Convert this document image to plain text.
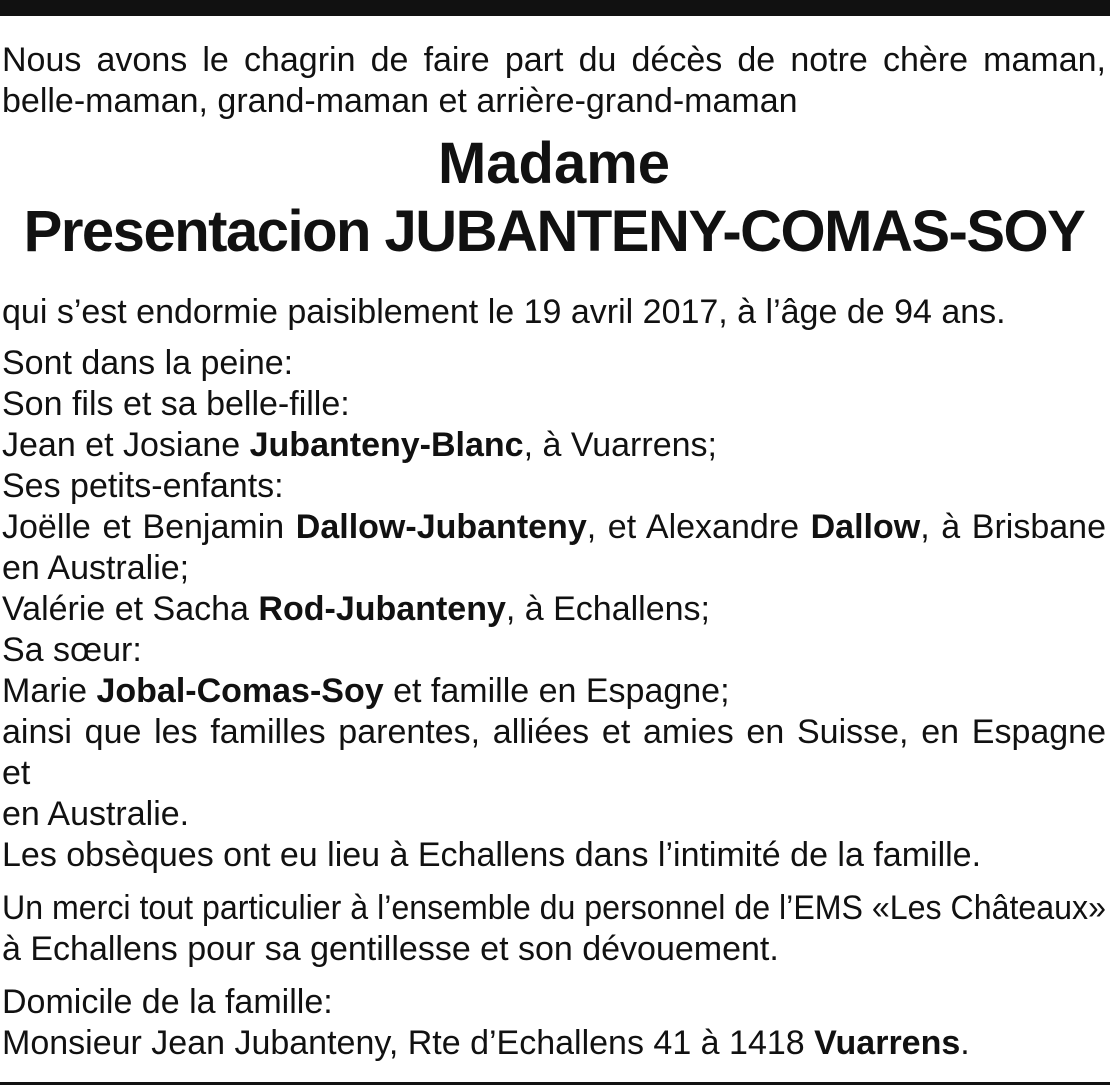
Nous avons le chagrin de faire part du décès de notre chère maman,

belle-maman, grand-maman et arrière-grand-maman

Madame

Presentacion JUBANTENY-COMAS-SOY

qui s’est endormie paisiblement le 19 avril 2017, à l’âge de 94 ans.

Sont dans la peine:

Son fils et sa belle-fille:

Jean et Josiane Jubanteny-Blanc, à Vuarrens;

Ses petits-enfants:

Joëlle et Benjamin Dallow-Jubanteny, et Alexandre Dallow, à Brisbane

en Australie;

Valérie et Sacha Rod-Jubanteny, à Echallens;

Sa sœur:

Marie Jobal-Comas-Soy et famille en Espagne;

ainsi que les familles parentes, alliées et amies en Suisse, en Espagne et

en Australie.

Les obsèques ont eu lieu à Echallens dans l’intimité de la famille.

Un merci tout particulier à l’ensemble du personnel de l’EMS «Les Châteaux»

à Echallens pour sa gentillesse et son dévouement.

Domicile de la famille:

Monsieur Jean Jubanteny, Rte d’Echallens 41 à 1418 Vuarrens.
